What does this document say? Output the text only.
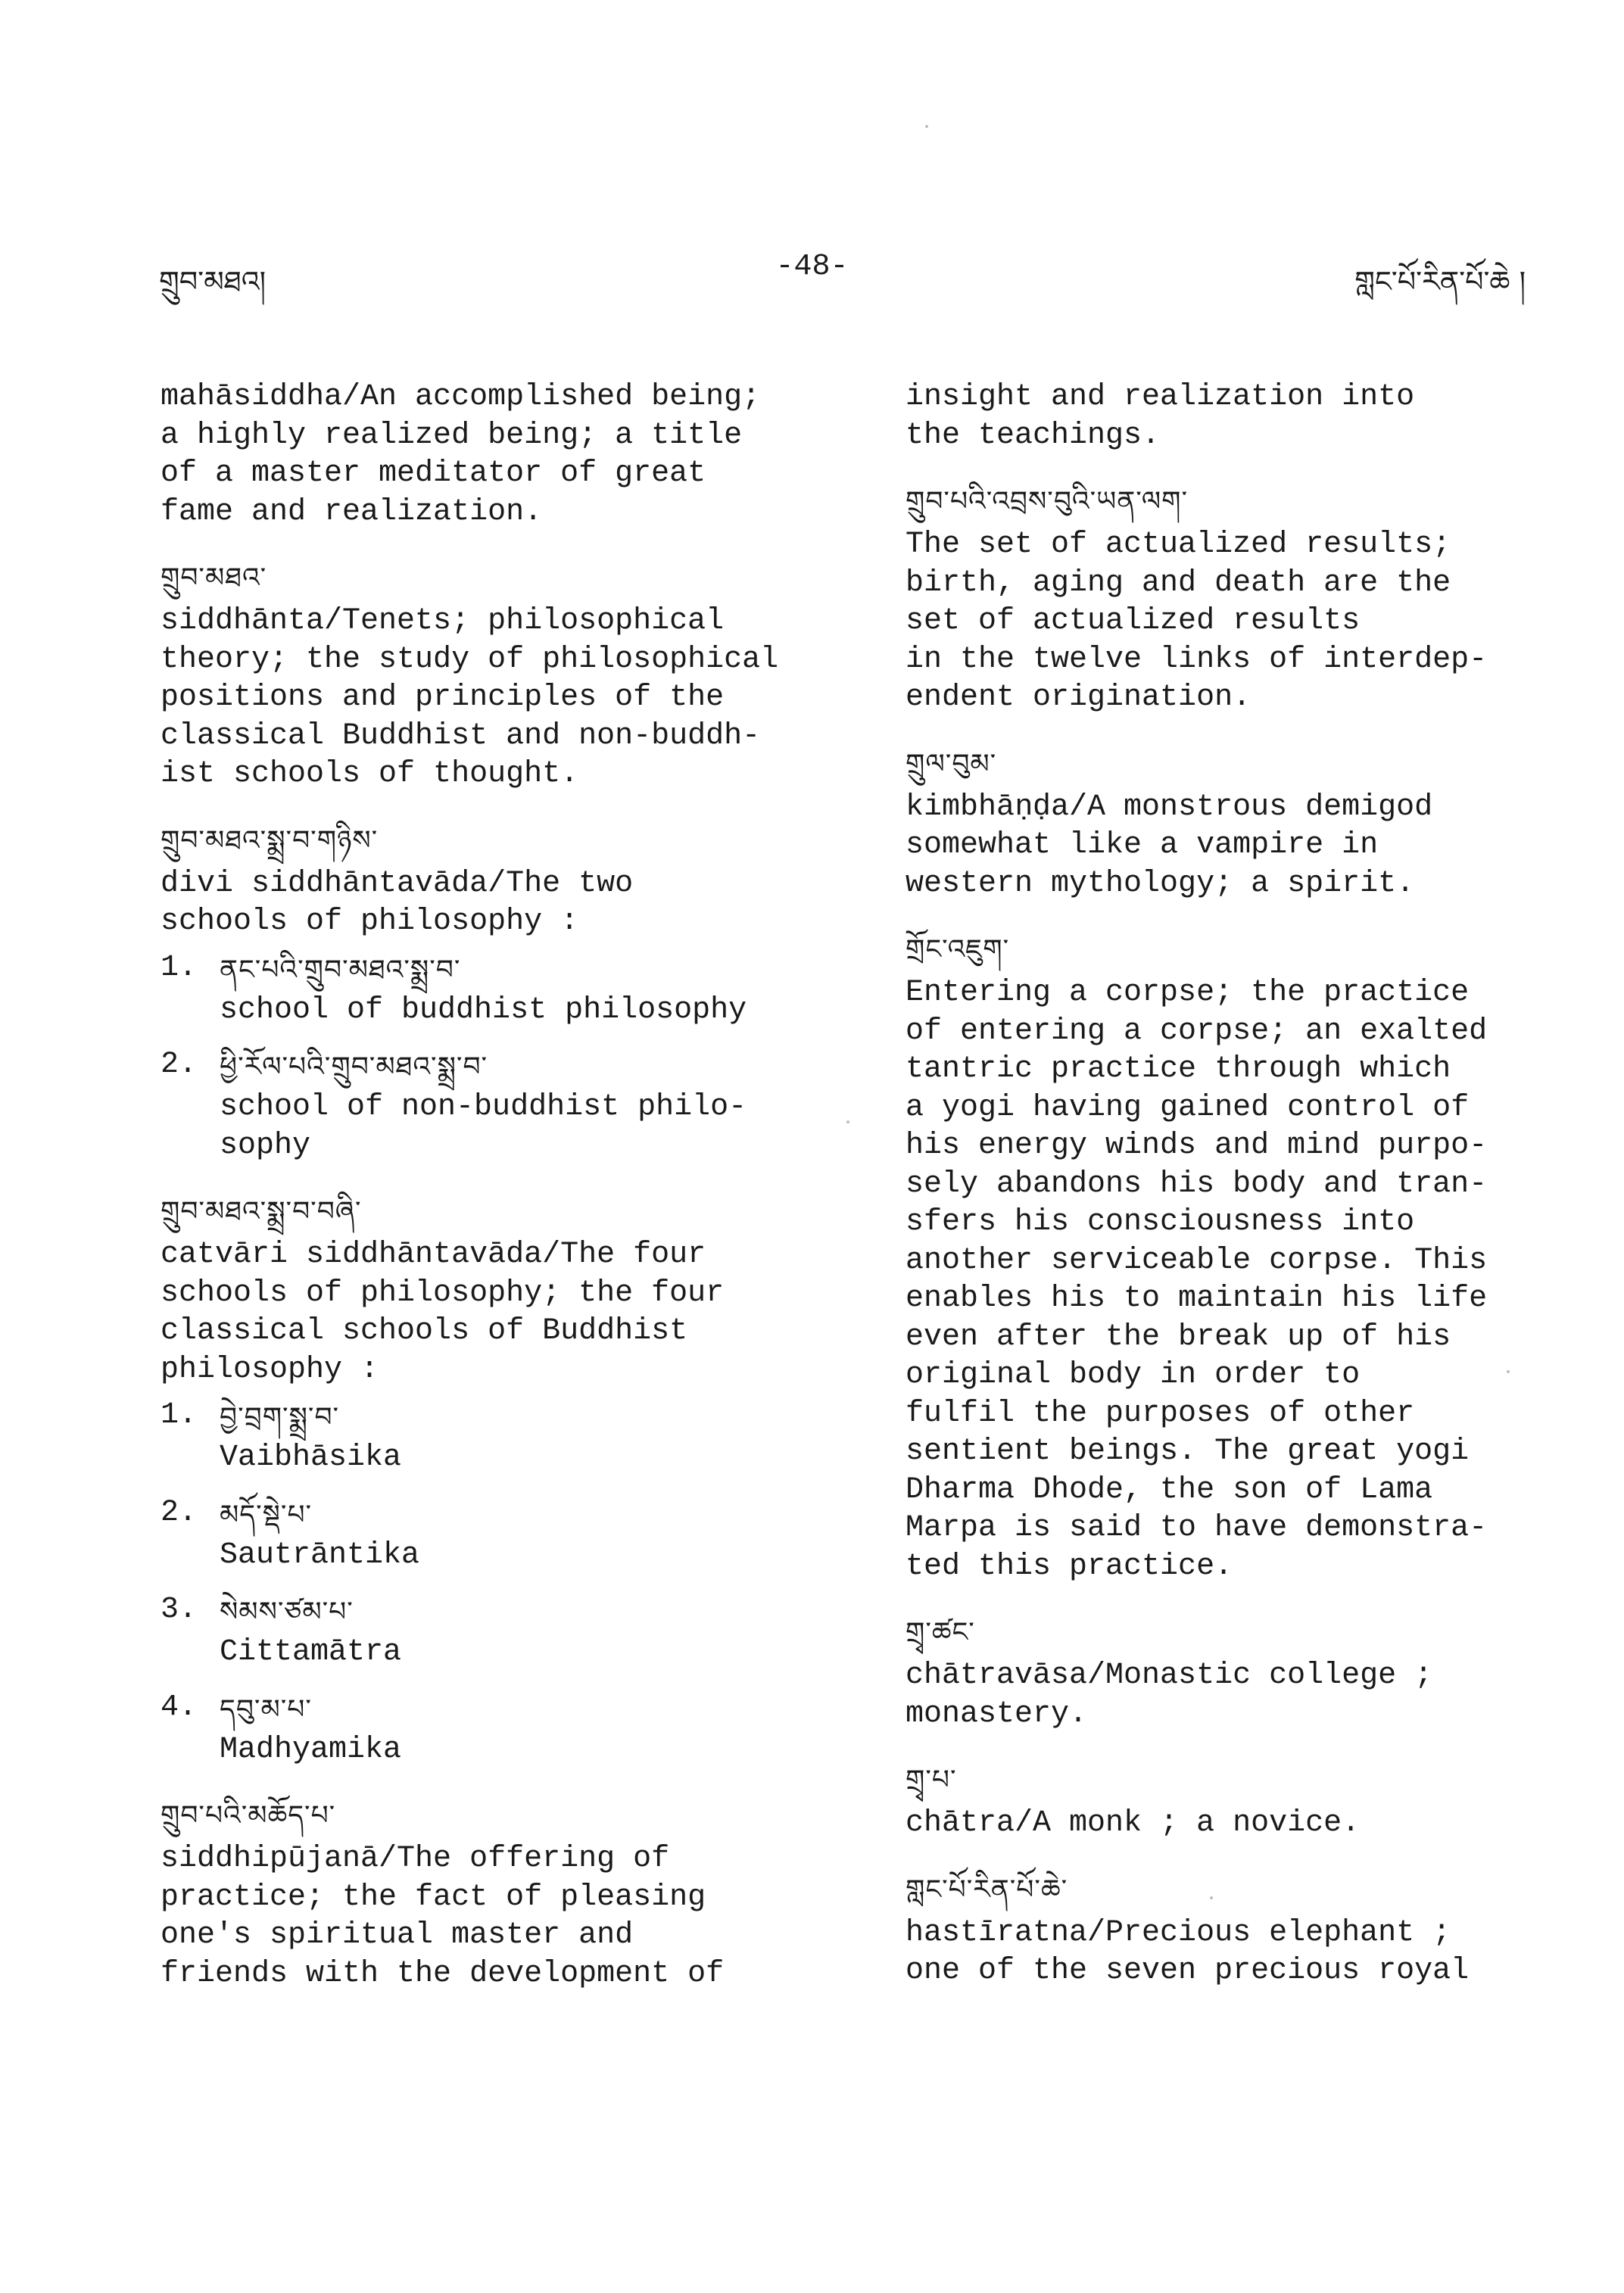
གྲུབ་མཐའ།	-48-	གླང་པོ་རིན་པོ་ཆེ །

mahāsiddha/An accomplished being;
a highly realized being; a title
of a master meditator of great
fame and realization.

གྲུབ་མཐའ་

siddhānta/Tenets; philosophical
theory; the study of philosophical
positions and principles of the
classical Buddhist and non-buddh-
ist schools of thought.

གྲུབ་མཐའ་སྨྲ་བ་གཉིས་

divi siddhāntavāda/The two
schools of philosophy :

1. ནང་པའི་གྲུབ་མཐའ་སྨྲ་བ་

school of buddhist philosophy

2. ཕྱི་རོལ་པའི་གྲུབ་མཐའ་སྨྲ་བ་

school of non-buddhist philo-
sophy

གྲུབ་མཐའ་སྨྲ་བ་བཞི་

catvāri siddhāntavāda/The four
schools of philosophy; the four
classical schools of Buddhist
philosophy :

1. བྱེ་བྲག་སྨྲ་བ་

Vaibhāsika

2. མདོ་སྡེ་པ་

Sautrāntika

3. སེམས་ཙམ་པ་

Cittamātra

4. དབུ་མ་པ་

Madhyamika

གྲུབ་པའི་མཆོད་པ་

siddhipūjanā/The offering of
practice; the fact of pleasing
one's spiritual master and
friends with the development of

insight and realization into
the teachings.

གྲུབ་པའི་འབྲས་བུའི་ཡན་ལག་

The set of actualized results;
birth, aging and death are the
set of actualized results
in the twelve links of interdep-
endent origination.

གྲུལ་བུམ་

kimbhāṇḍa/A monstrous demigod
somewhat like a vampire in
western mythology; a spirit.

གྲོང་འཇུག་

Entering a corpse; the practice
of entering a corpse; an exalted
tantric practice through which
a yogi having gained control of
his energy winds and mind purpo-
sely abandons his body and tran-
sfers his consciousness into
another serviceable corpse. This
enables his to maintain his life
even after the break up of his
original body in order to
fulfil the purposes of other
sentient beings. The great yogi
Dharma Dhode, the son of Lama
Marpa is said to have demonstra-
ted this practice.

གྲྭ་ཚང་

chātravāsa/Monastic college ;
monastery.

གྲྭ་པ་

chātra/A monk ; a novice.

གླང་པོ་རིན་པོ་ཆེ་

hastīratna/Precious elephant ;
one of the seven precious royal
